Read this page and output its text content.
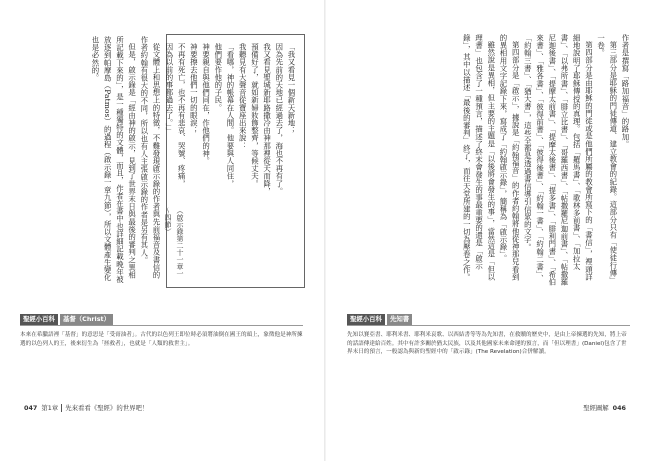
從文體上和思想上的特徵，不難發現啟示錄的作者與先前福音及書信的作者約翰有很大的不同，所以也有人主張啟示錄的作者是另有其人。

但是，啟示錄是「經由神的啟示，見到了世界末日與最後的審判之異相所記載下來的」，是一種獨特的文體，而且，作者在書中也詳細記載晚年被放逐到帕摩島（Patmos）的過程（啟示錄一章九節），所以文體產生變化也是必然的。	「我又看見一個新天新地；

因為先前的天地已經過去了，海也不再有了。

我又看見聖城新耶路撒冷由神那裡從天而降，

預備好了，就如新婦妝飾整齊，等候丈夫。

我聽見有大聲音從寶座出來說：

「看哪，神的帳幕在人間。他要與人同住，

他們要作他的子民。

神要親自與他們同在，作他們的神。

神要擦去他們一切的眼淚；

不再有死亡，也不再有悲哀、哭號、疼痛，

因為以前的事都過去了。」」

（啟示錄第二十一章一～四節）
聖經小百科	基督（Christ）
本來在希臘語裡「基督」的意思是「受膏油者」。古代的以色列王即位時必須將油倒在國王的頭上，象徵他是神所揀選的以色列人的王，後來衍生為「拯救者」，也就是「人類的救世主」。
047 第1章 先來看看《聖經》的世界吧！

作者是撰寫「路加福音」的路加。

第三部分是耶穌的門徒傳道、建立教會的紀錄。這部分只有「使徒行傳」一卷。

第四部分是由耶穌的門徒或是他們所屬的教會所寫下的「書信」，裡頭詳細地說明了耶穌傳授的真理。包括「羅馬書」、「歌林多前書」、「加拉太書」、「以弗所書」、「腓立比書」、「哥羅西書」、「帖撒羅尼迦前書」、「帖撒羅尼迦後書」、「提摩太前書」、「提摩太後書」、「提多書」、「腓利門書」、「希伯來書」、「雅各書」、「彼得前書」、「彼得後書」、「約翰一書」、「約翰二書」、「約翰三書」、「猶大書」，這些全都是透過書信導引信眾的文字。

第四部分是「啟示」，據說是「約翰福音」的作者約翰將他從神那兒看到的異相用文字記錄下來，寫成了「約翰啟示錄」，簡稱為「啟示錄」。

雖然說是異相，但主要的主題是「以後將會發生的事」，當然這是「但以理書」也包含了一種預言，描述了終末會發生的事最重要的還是「啟示錄」，其中以描述「最後的審判」終了，而往天堂所建的一切為壓卷之作。

聖經小百科	先知書
先知以賽亞書、耶利米書、耶利米哀歌、以西結書等等為先知書，在救贖的歷史中，是由上帝揀選的先知，將上帝的話語傳達給百姓。其中有許多關於猶太民族，以及其他國家未來命運的預言，而「但以理書」(Daniel)包含了世界末日的預言，一般認為與新約聖經中的「啟示錄」(The Revelation)合併解讀。
聖經圖解 046
